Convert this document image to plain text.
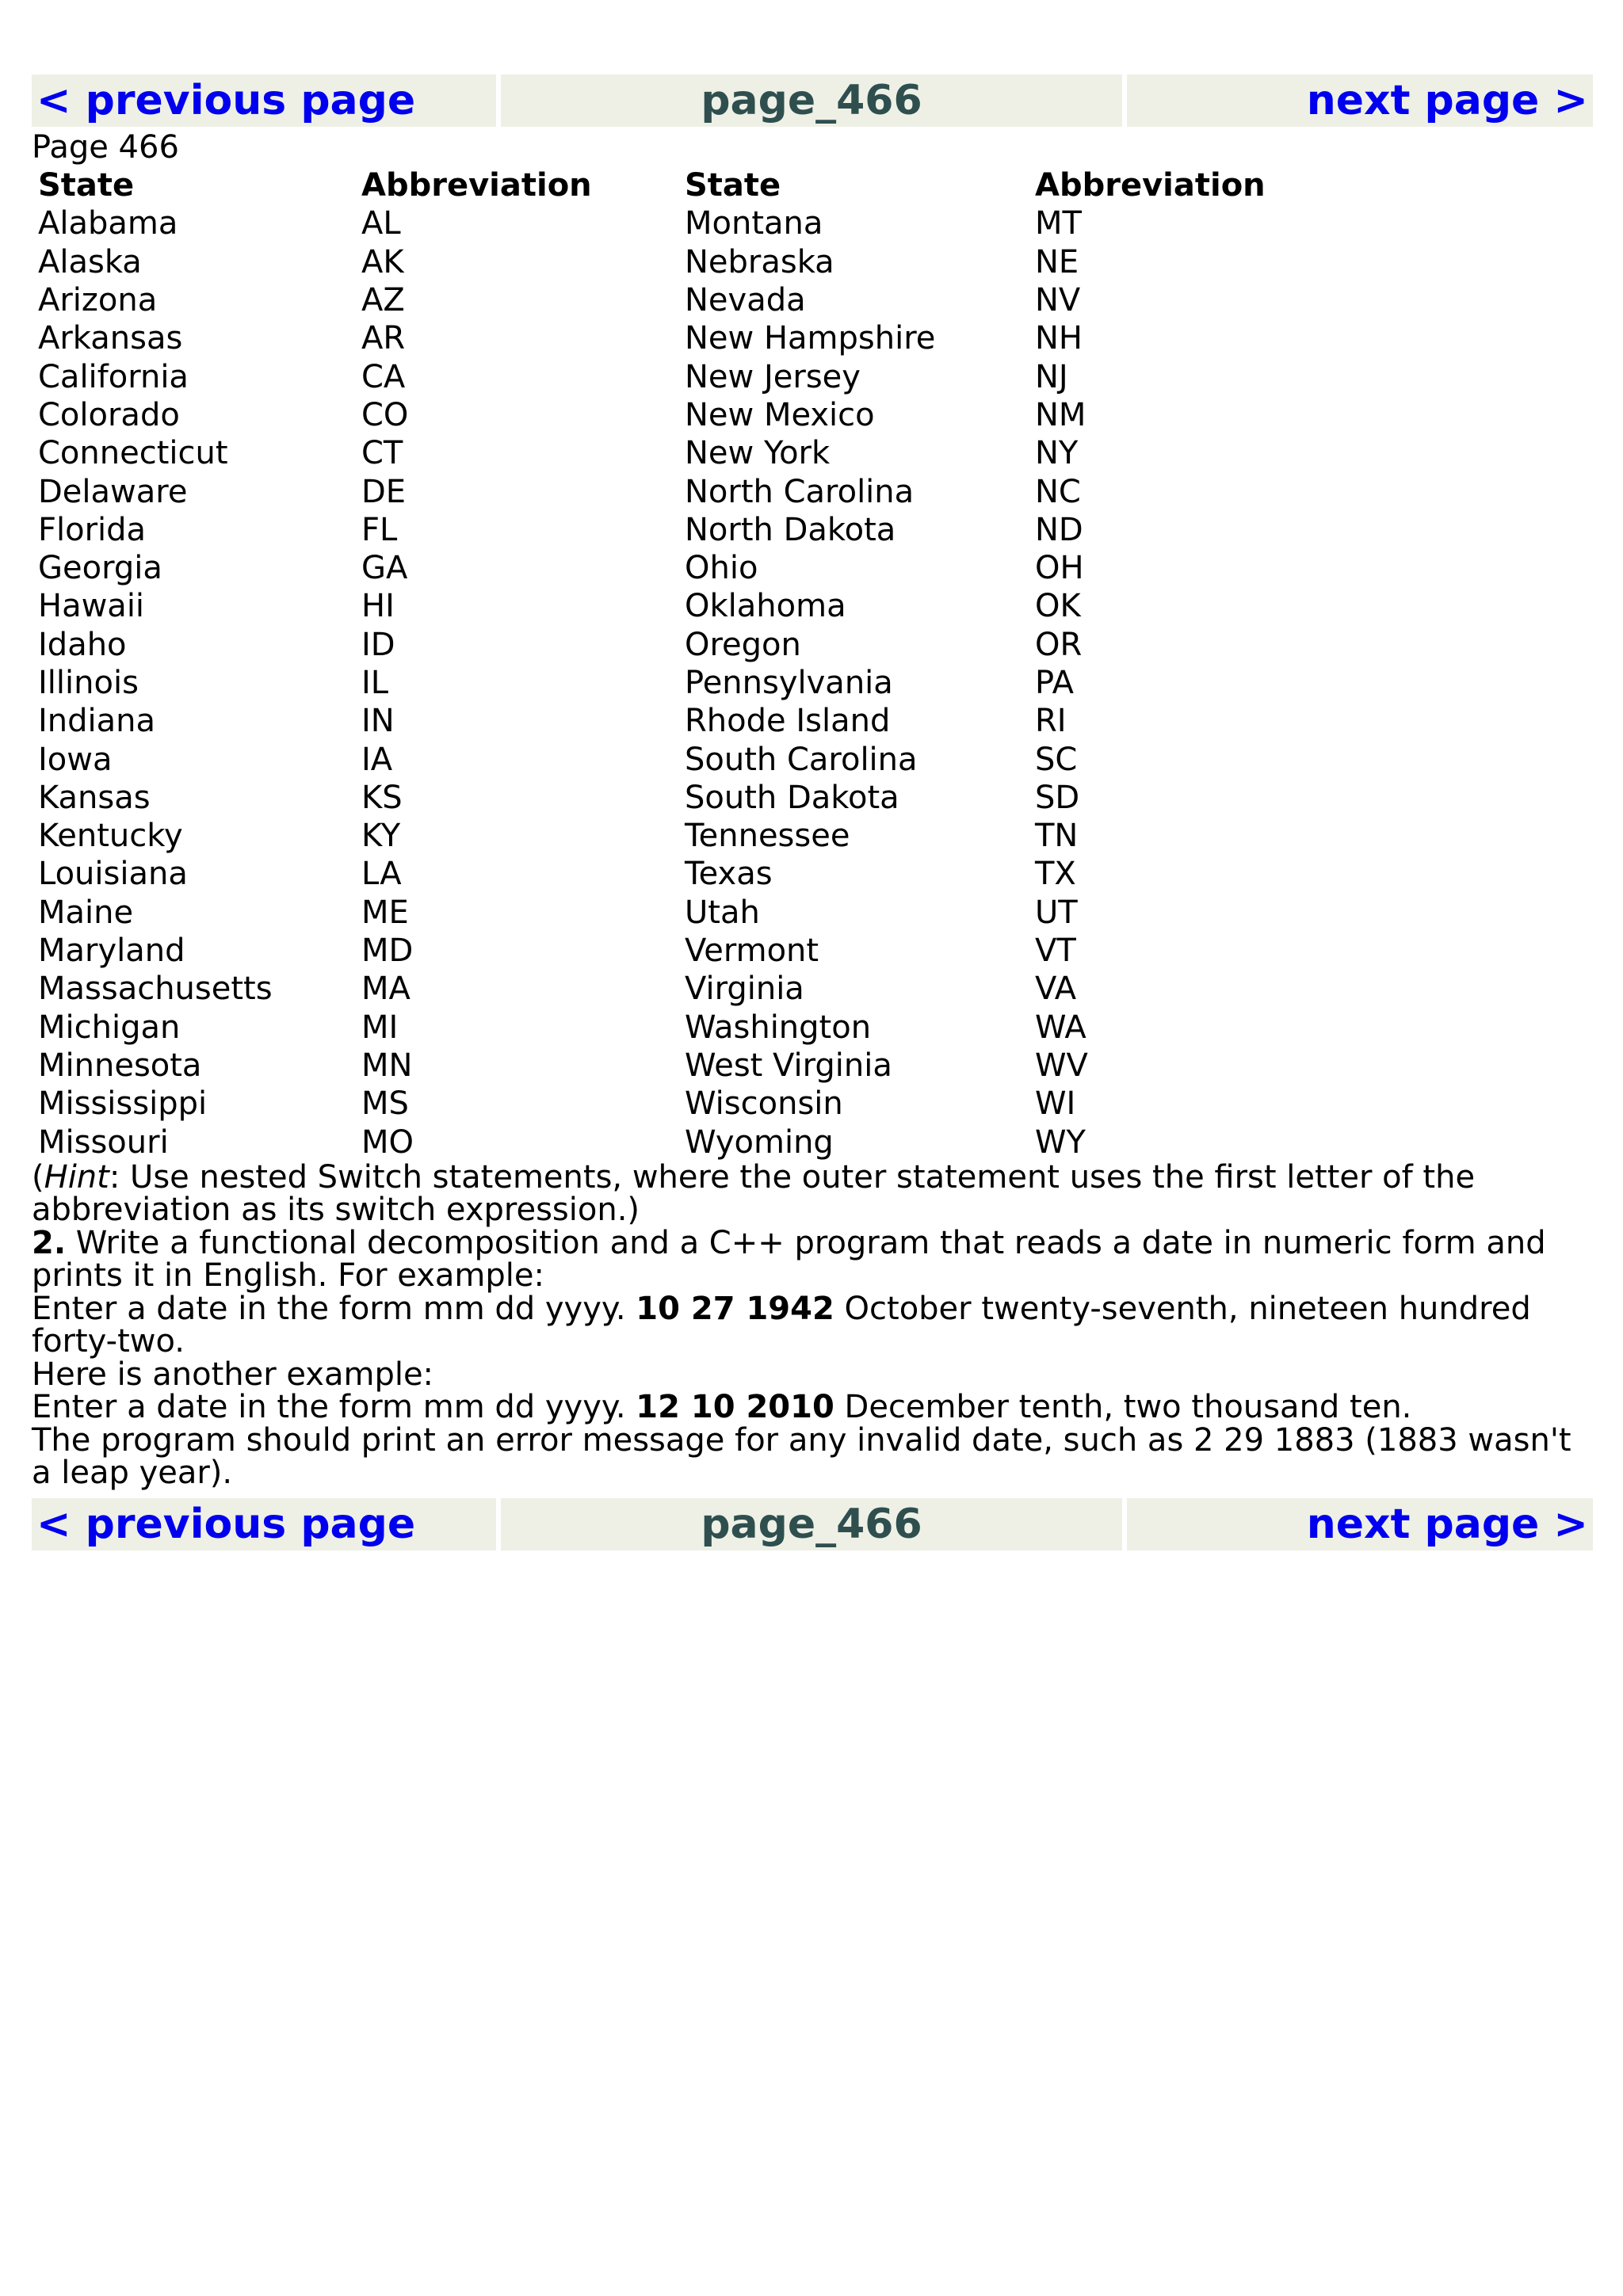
< previous page	page_466	next page >
Page 466
State	Abbreviation	State	Abbreviation
Alabama	AL	Montana	MT
Alaska	AK	Nebraska	NE
Arizona	AZ	Nevada	NV
Arkansas	AR	New Hampshire	NH
California	CA	New Jersey	NJ
Colorado	CO	New Mexico	NM
Connecticut	CT	New York	NY
Delaware	DE	North Carolina	NC
Florida	FL	North Dakota	ND
Georgia	GA	Ohio	OH
Hawaii	HI	Oklahoma	OK
Idaho	ID	Oregon	OR
Illinois	IL	Pennsylvania	PA
Indiana	IN	Rhode Island	RI
Iowa	IA	South Carolina	SC
Kansas	KS	South Dakota	SD
Kentucky	KY	Tennessee	TN
Louisiana	LA	Texas	TX
Maine	ME	Utah	UT
Maryland	MD	Vermont	VT
Massachusetts	MA	Virginia	VA
Michigan	MI	Washington	WA
Minnesota	MN	West Virginia	WV
Mississippi	MS	Wisconsin	WI
Missouri	MO	Wyoming	WY

(Hint: Use nested Switch statements, where the outer statement uses the first letter of the abbreviation as its switch expression.)

2. Write a functional decomposition and a C++ program that reads a date in numeric form and prints it in English. For example:

Enter a date in the form mm dd yyyy. 10 27 1942 October twenty-seventh, nineteen hundred forty-two.

Here is another example:

Enter a date in the form mm dd yyyy. 12 10 2010 December tenth, two thousand ten.

The program should print an error message for any invalid date, such as 2 29 1883 (1883 wasn't a leap year).

< previous page	page_466	next page >
